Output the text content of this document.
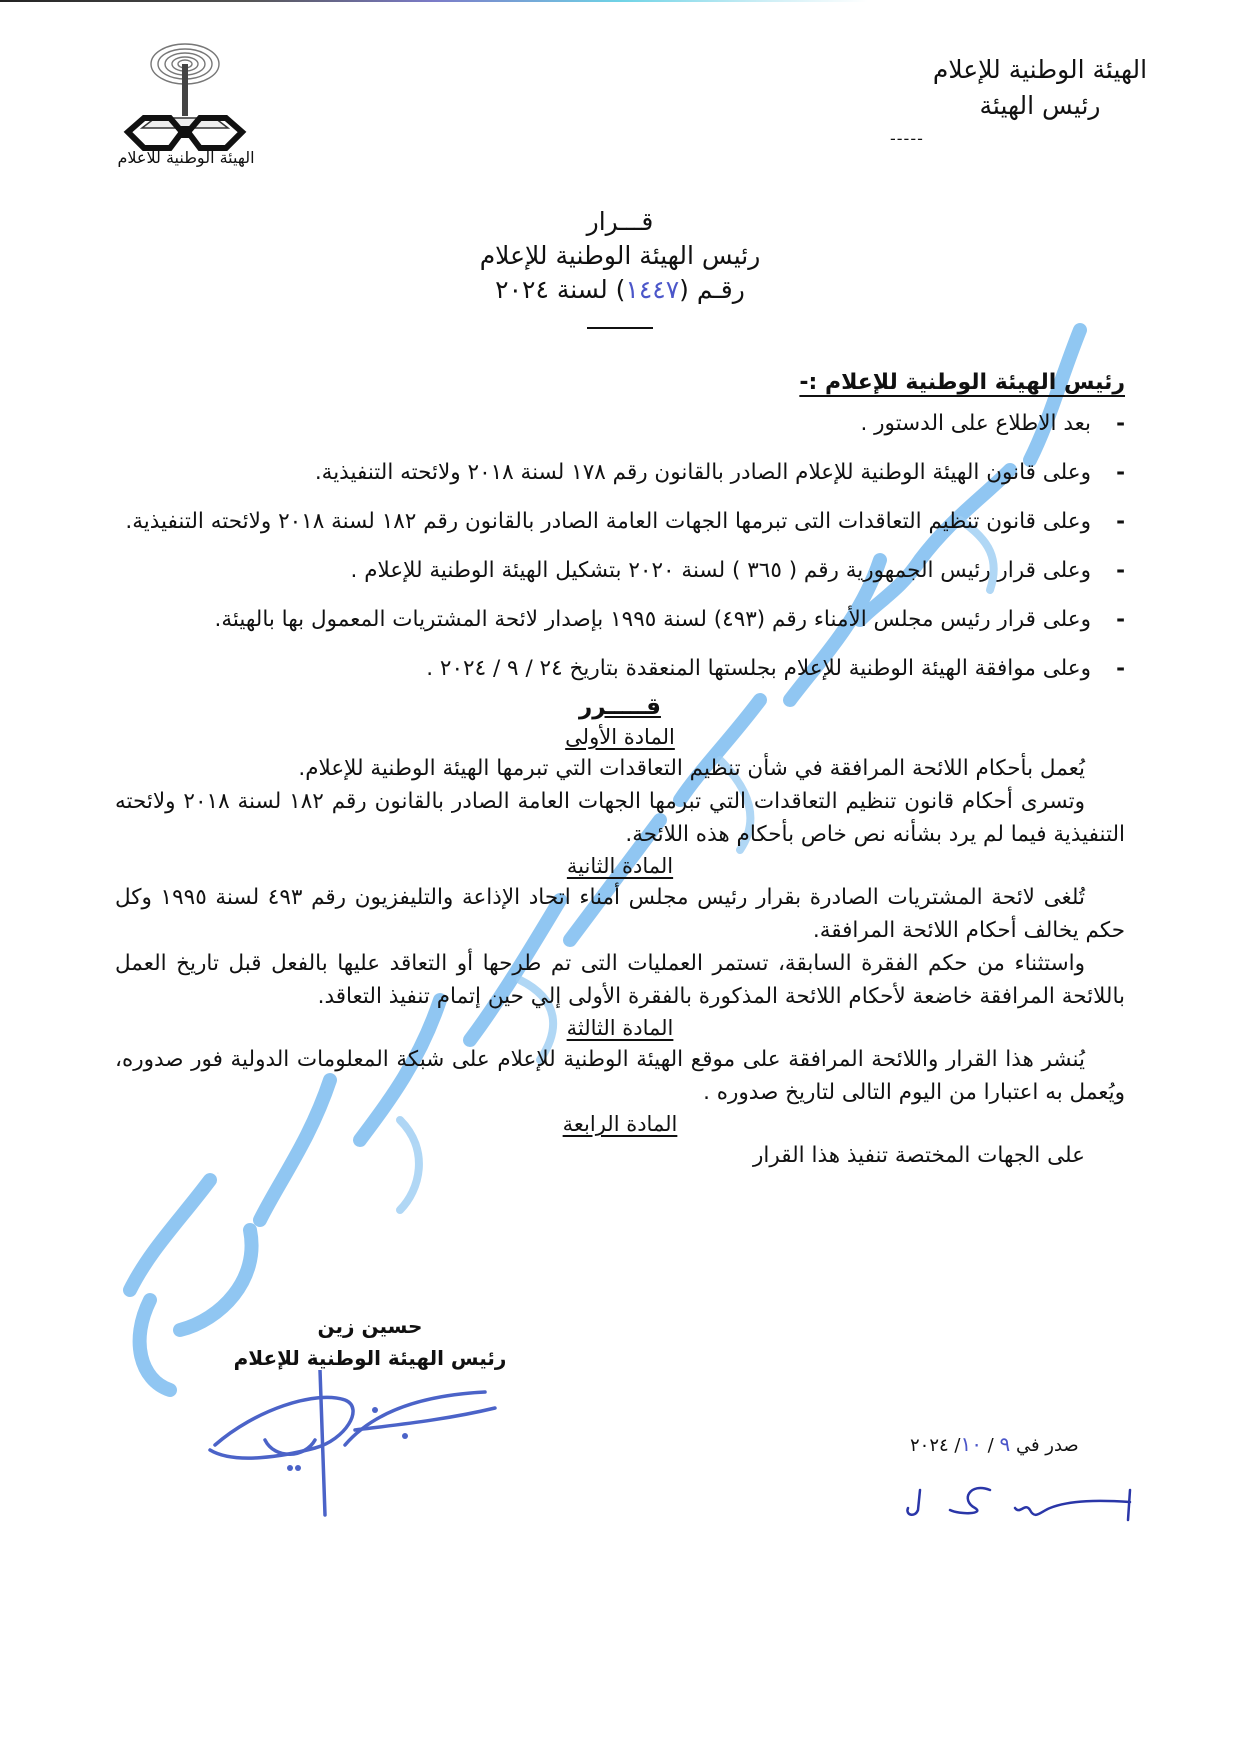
الهيئة الوطنية للإعلام
رئيس الهيئة
-----
الهيئة الوطنية للاعلام
قـــرار
رئيس الهيئة الوطنية للإعلام
رقـم (١٤٤٧) لسنة ٢٠٢٤
رئيس الهيئة الوطنية للإعلام :-
- بعد الاطلاع على الدستور .
- وعلى قانون الهيئة الوطنية للإعلام الصادر بالقانون رقم ١٧٨ لسنة ٢٠١٨ ولائحته التنفيذية.
- وعلى قانون تنظيم التعاقدات التى تبرمها الجهات العامة الصادر بالقانون رقم ١٨٢ لسنة ٢٠١٨ ولائحته التنفيذية.
- وعلى قرار رئيس الجمهورية رقم ( ٣٦٥ ) لسنة ٢٠٢٠ بتشكيل الهيئة الوطنية للإعلام .
- وعلى قرار رئيس مجلس الأمناء رقم (٤٩٣) لسنة ١٩٩٥ بإصدار لائحة المشتريات المعمول بها بالهيئة.
- وعلى موافقة الهيئة الوطنية للإعلام بجلستها المنعقدة بتاريخ ٢٤ / ٩ / ٢٠٢٤ .
قـــــرر
المادة الأولى
يُعمل بأحكام اللائحة المرافقة في شأن تنظيم التعاقدات التي تبرمها الهيئة الوطنية للإعلام.
وتسرى أحكام قانون تنظيم التعاقدات التي تبرمها الجهات العامة الصادر بالقانون رقم ١٨٢ لسنة ٢٠١٨ ولائحته التنفيذية فيما لم يرد بشأنه نص خاص بأحكام هذه اللائحة.
المادة الثانية
تُلغى لائحة المشتريات الصادرة بقرار رئيس مجلس أمناء اتحاد الإذاعة والتليفزيون رقم ٤٩٣ لسنة ١٩٩٥ وكل حكم يخالف أحكام اللائحة المرافقة.
واستثناء من حكم الفقرة السابقة، تستمر العمليات التى تم طرحها أو التعاقد عليها بالفعل قبل تاريخ العمل باللائحة المرافقة خاضعة لأحكام اللائحة المذكورة بالفقرة الأولى إلي حين إتمام تنفيذ التعاقد.
المادة الثالثة
يُنشر هذا القرار واللائحة المرافقة على موقع الهيئة الوطنية للإعلام على شبكة المعلومات الدولية فور صدوره، ويُعمل به اعتبارا من اليوم التالى لتاريخ صدوره .
المادة الرابعة
على الجهات المختصة تنفيذ هذا القرار
حسين زين
رئيس الهيئة الوطنية للإعلام
صدر في ٩ / ١٠/ ٢٠٢٤
